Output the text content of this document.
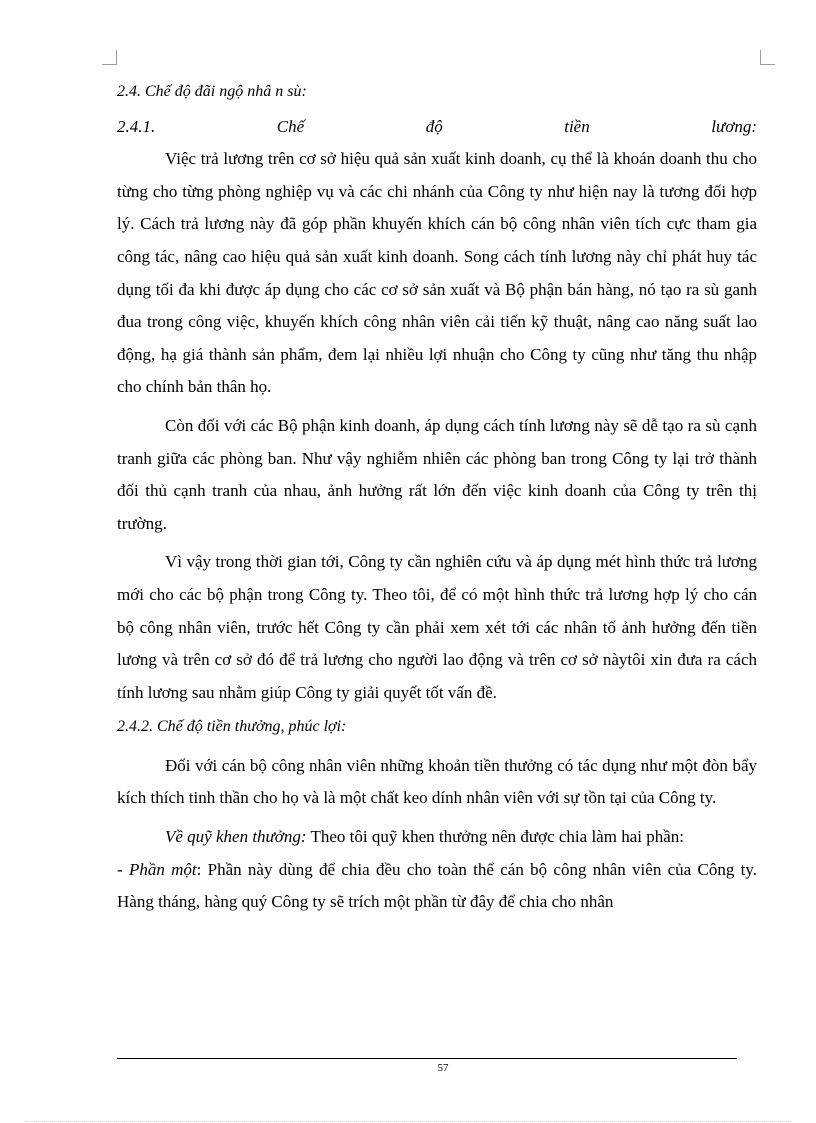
2.4. Chế độ đãi ngộ nhâ n sù:

2.4.1.	Chế	độ	tiền	lương:

Việc trả lương trên cơ sở hiệu quả sản xuất kinh doanh, cụ thể là khoán doanh thu cho từng cho từng phòng nghiệp vụ và các chi nhánh của Công ty như hiện nay là tương đối hợp lý. Cách trả lương này đã góp phần khuyến khích cán bộ công nhân viên tích cực tham gia công tác, nâng cao hiệu quả sản xuất kinh doanh. Song cách tính lương này chỉ phát huy tác dụng tối đa khi được áp dụng cho các cơ sở sản xuất và Bộ phận bán hàng, nó tạo ra sù ganh đua trong công việc, khuyến khích công nhân viên cải tiến kỹ thuật, nâng cao năng suất lao động, hạ giá thành sản phẩm, đem lại nhiều lợi nhuận cho Công ty cũng như tăng thu nhập cho chính bản thân họ.

Còn đối với các Bộ phận kinh doanh, áp dụng cách tính lương này sẽ dễ tạo ra sù cạnh tranh giữa các phòng ban. Như vậy nghiễm nhiên các phòng ban trong Công ty lại trở thành đối thủ cạnh tranh của nhau, ảnh hưởng rất lớn đến việc kinh doanh của Công ty trên thị trường.

Vì vậy trong thời gian tới, Công ty cần nghiên cứu và áp dụng mét hình thức trả lương mới cho các bộ phận trong Công ty. Theo tôi, để có một hình thức trả lương hợp lý cho cán bộ công nhân viên, trước hết Công ty cần phải xem xét tới các nhân tố ảnh hưởng đến tiền lương và trên cơ sở đó để trả lương cho người lao động và trên cơ sở nàytôi xin đưa ra cách tính lương sau nhằm giúp Công ty giải quyết tốt vấn đề.

2.4.2. Chế độ tiền thưởng, phúc lợi:

Đối với cán bộ công nhân viên những khoản tiền thưởng có tác dụng như một đòn bẩy kích thích tinh thần cho họ và là một chất keo dính nhân viên với sự tồn tại của Công ty.

Về quỹ khen thưởng: Theo tôi quỹ khen thưởng nên được chia làm hai phần:

- Phần một: Phần này dùng để chia đều cho toàn thể cán bộ công nhân viên của Công ty. Hàng tháng, hàng quý Công ty sẽ trích một phần từ đây để chia cho nhân

57
